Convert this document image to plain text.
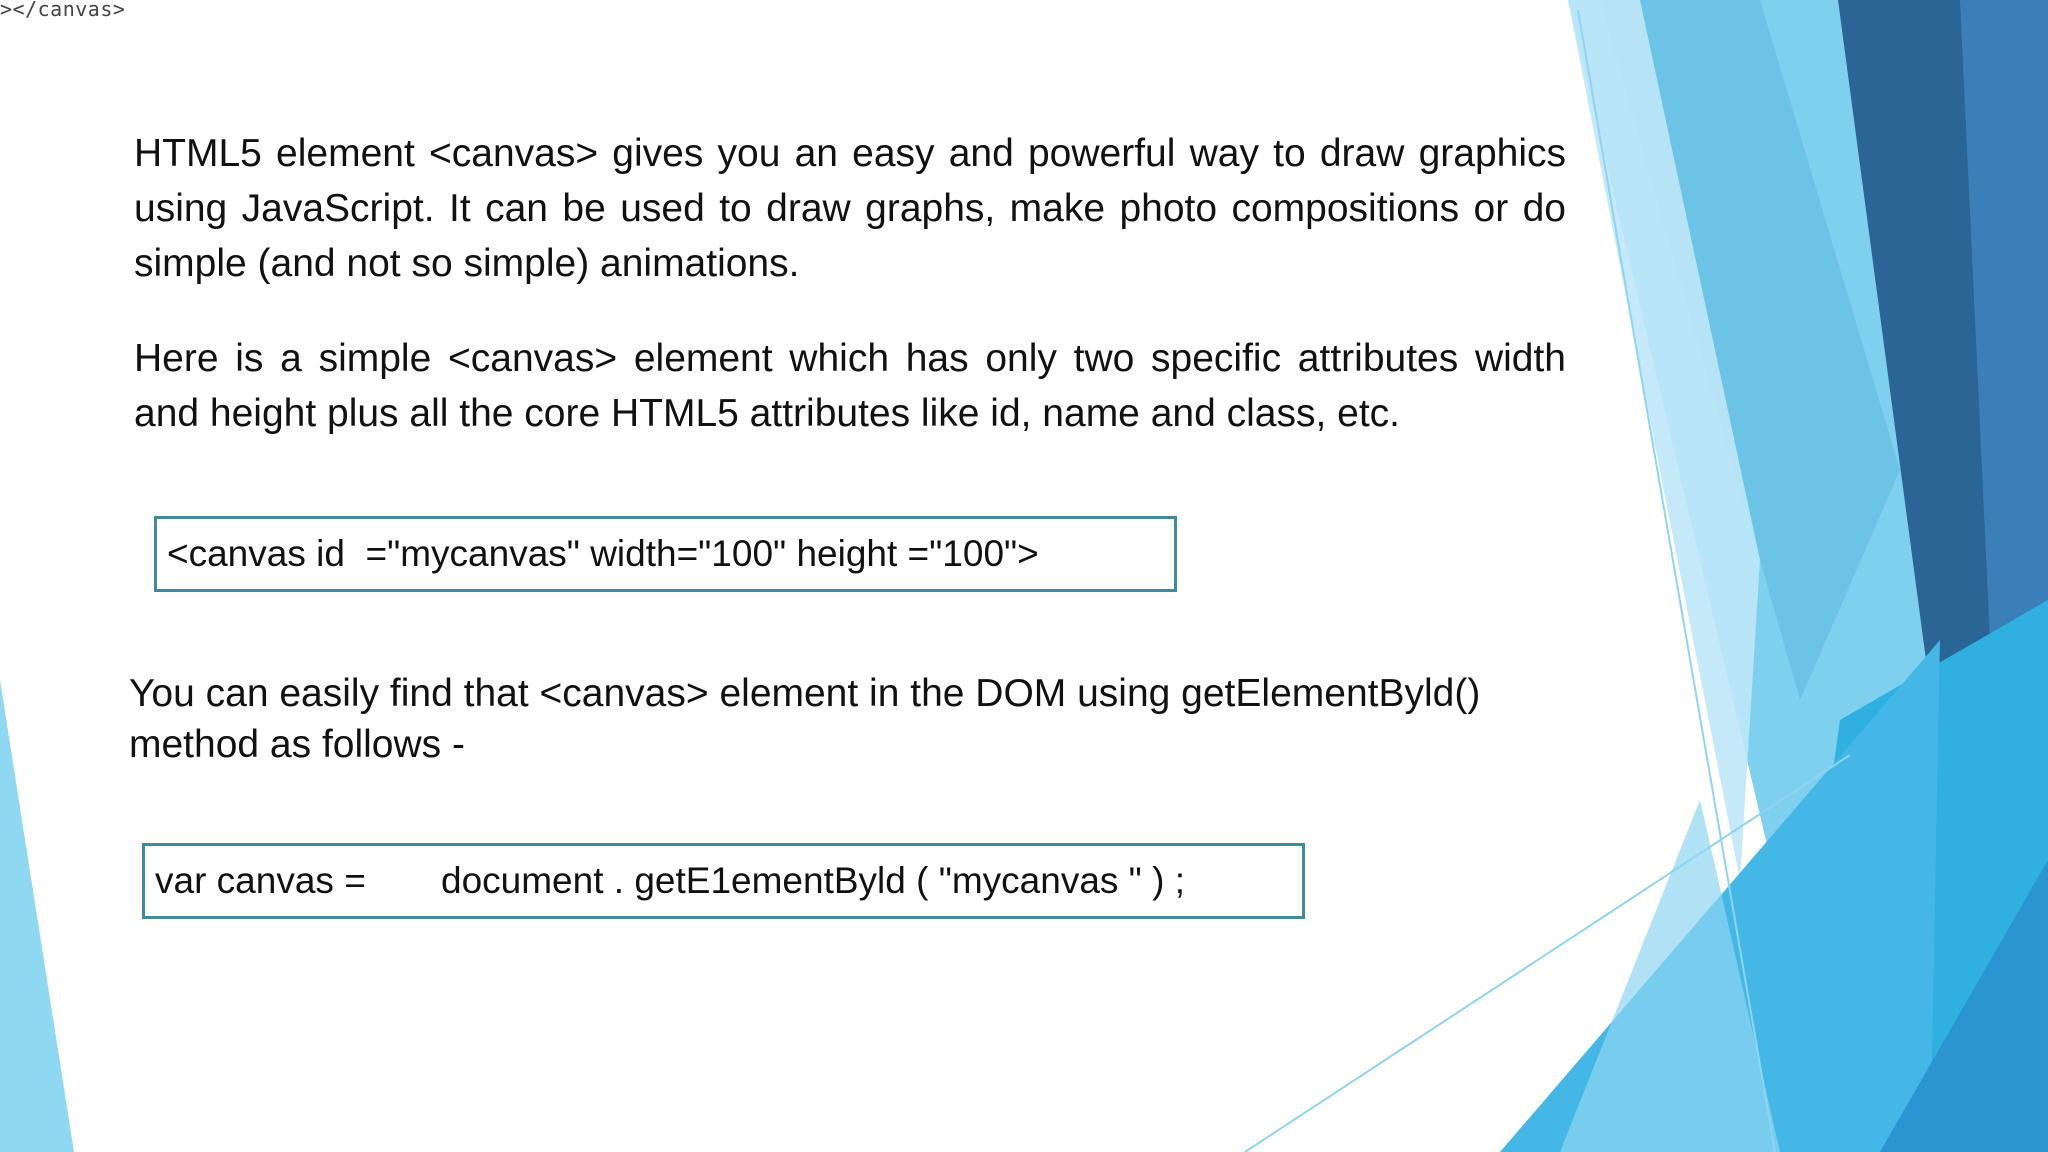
></canvas>
HTML5 element <canvas> gives you an easy and powerful way to draw graphics using JavaScript. It can be used to draw graphs, make photo compositions or do simple (and not so simple) animations.
Here is a simple <canvas> element which has only two specific attributes width and height plus all the core HTML5 attributes like id, name and class, etc.
<canvas id  ="mycanvas" width="100" height ="100">
You can easily find that <canvas> element in the DOM using getElementByld() method as follows -
var canvas =	document . getE1ementByld ( "mycanvas " ) ;
